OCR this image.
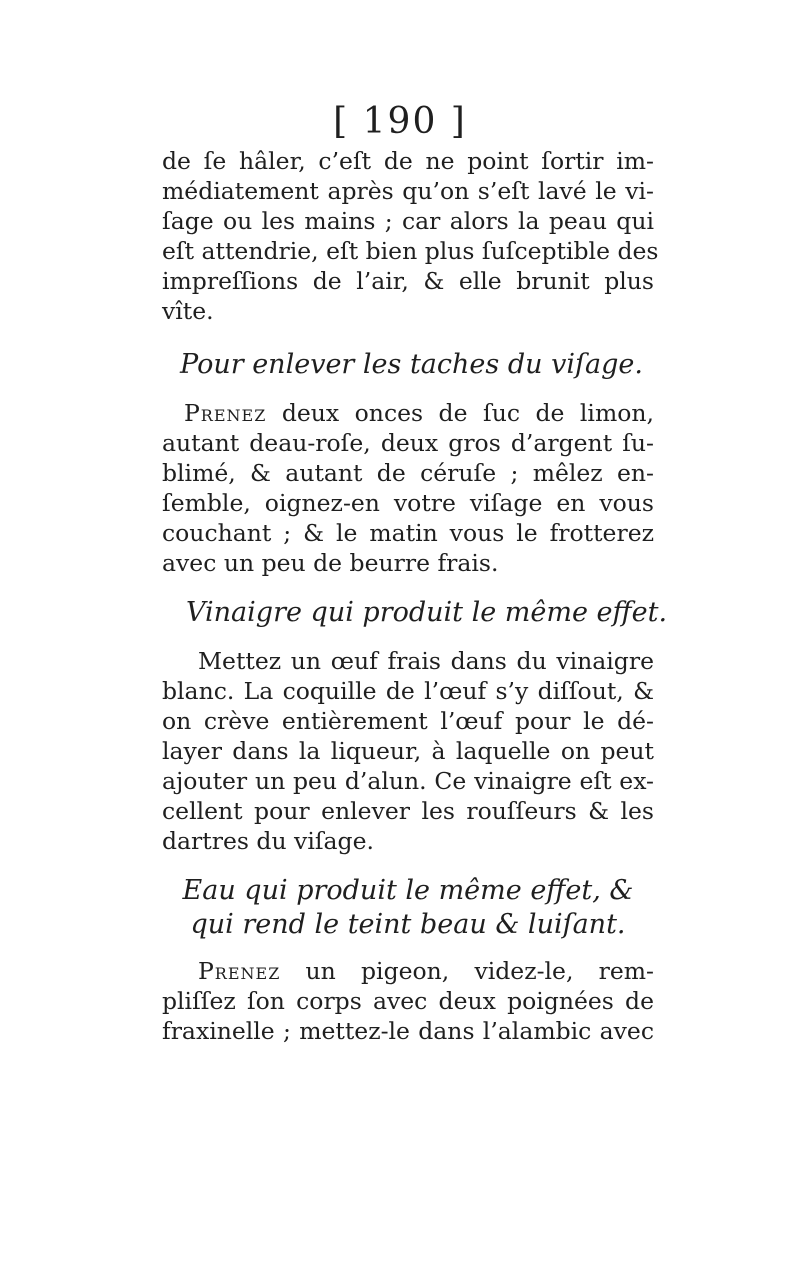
[ 190 ]
de ſe hâler, c’eſt de ne point ſortir im-
médiatement après qu’on s’eſt lavé le vi-
ſage ou les mains ; car alors la peau qui
eſt attendrie, eſt bien plus ſuſceptible des
impreſſions de l’air, & elle brunit plus
vîte.
Pour enlever les taches du viſage.
Prenez deux onces de ſuc de limon,
autant deau-roſe, deux gros d’argent ſu-
blimé, & autant de céruſe ; mêlez en-
ſemble, oignez-en votre viſage en vous
couchant ; & le matin vous le frotterez
avec un peu de beurre frais.
Vinaigre qui produit le même effet.
Mettez un œuf frais dans du vinaigre
blanc. La coquille de l’œuf s’y diſſout, &
on crève entièrement l’œuf pour le dé-
layer dans la liqueur, à laquelle on peut
ajouter un peu d’alun. Ce vinaigre eſt ex-
cellent pour enlever les rouſſeurs & les
dartres du viſage.
Eau qui produit le même effet, &
qui rend le teint beau & luiſant.
Prenez un pigeon, videz-le, rem-
pliſſez ſon corps avec deux poignées de
fraxinelle ; mettez-le dans l’alambic avec
